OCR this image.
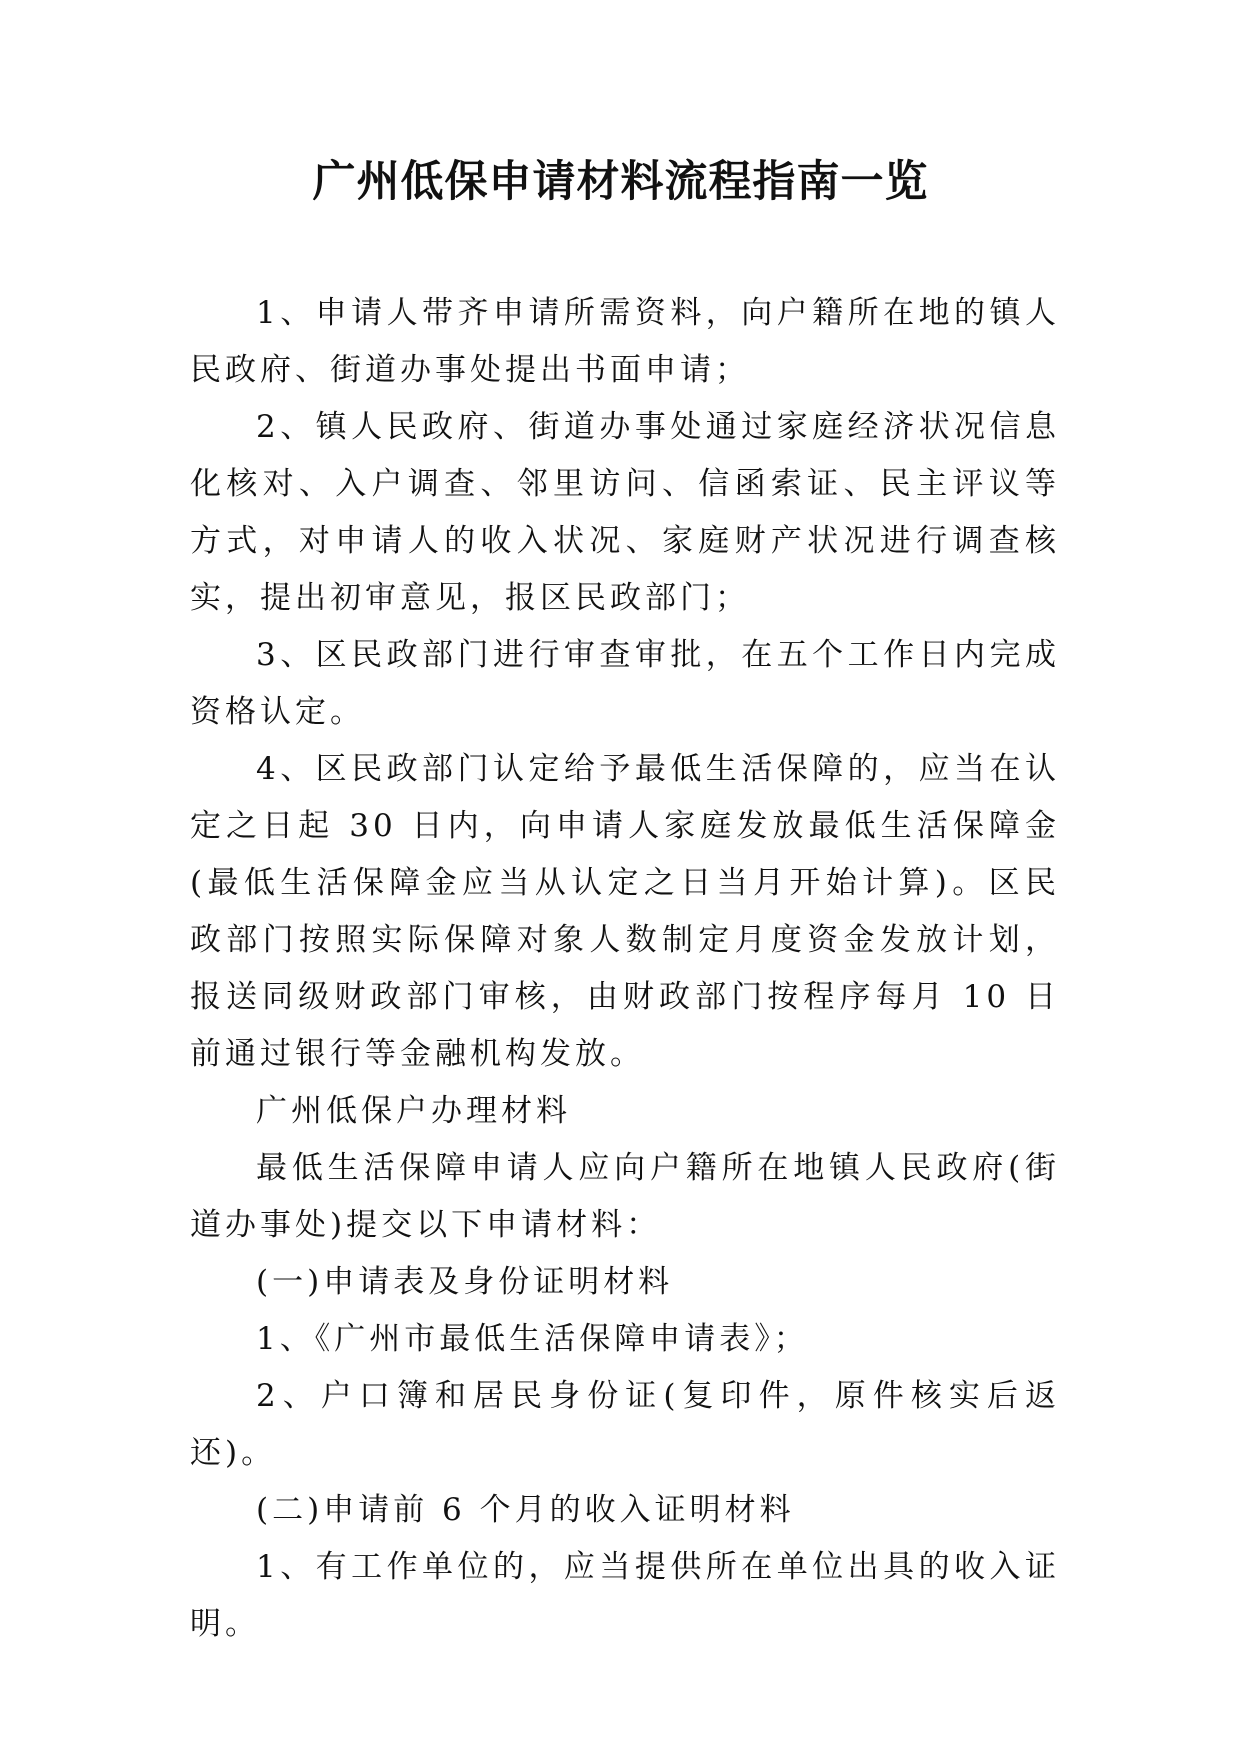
广州低保申请材料流程指南一览

1、申请人带齐申请所需资料，向户籍所在地的镇人民政府、街道办事处提出书面申请；

2、镇人民政府、街道办事处通过家庭经济状况信息化核对、入户调查、邻里访问、信函索证、民主评议等方式，对申请人的收入状况、家庭财产状况进行调查核实，提出初审意见，报区民政部门；

3、区民政部门进行审查审批，在五个工作日内完成资格认定。

4、区民政部门认定给予最低生活保障的，应当在认定之日起 30 日内，向申请人家庭发放最低生活保障金(最低生活保障金应当从认定之日当月开始计算)。区民政部门按照实际保障对象人数制定月度资金发放计划，报送同级财政部门审核，由财政部门按程序每月 10 日前通过银行等金融机构发放。

广州低保户办理材料

最低生活保障申请人应向户籍所在地镇人民政府(街道办事处)提交以下申请材料：

(一)申请表及身份证明材料

1、《广州市最低生活保障申请表》；

2、户口簿和居民身份证(复印件，原件核实后返还)。

(二)申请前 6 个月的收入证明材料

1、有工作单位的，应当提供所在单位出具的收入证明。
